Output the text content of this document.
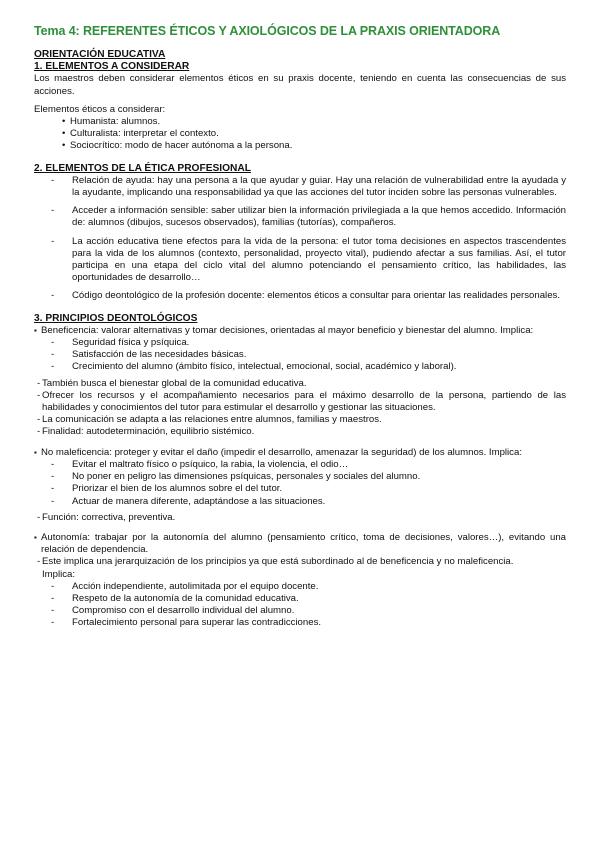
Tema 4: REFERENTES ÉTICOS Y AXIOLÓGICOS DE LA PRAXIS ORIENTADORA
ORIENTACIÓN EDUCATIVA
1. ELEMENTOS A CONSIDERAR

Los maestros deben considerar elementos éticos en su praxis docente, teniendo en cuenta las consecuencias de sus acciones.

Elementos éticos a considerar:

• Humanista: alumnos.
• Culturalista: interpretar el contexto.
• Sociocrítico: modo de hacer autónoma a la persona.
2. ELEMENTOS DE LA ÉTICA PROFESIONAL
- Relación de ayuda: hay una persona a la que ayudar y guiar. Hay una relación de vulnerabilidad entre la ayudada y la ayudante, implicando una responsabilidad ya que las acciones del tutor inciden sobre las personas vulnerables.
- Acceder a información sensible: saber utilizar bien la información privilegiada a la que hemos accedido. Información de: alumnos (dibujos, sucesos observados), familias (tutorías), compañeros.
- La acción educativa tiene efectos para la vida de la persona: el tutor toma decisiones en aspectos trascendentes para la vida de los alumnos (contexto, personalidad, proyecto vital), pudiendo afectar a sus familias. Así, el tutor participa en una etapa del ciclo vital del alumno potenciando el pensamiento crítico, las habilidades, las oportunidades de desarrollo…
- Código deontológico de la profesión docente: elementos éticos a consultar para orientar las realidades personales.
3. PRINCIPIOS DEONTOLÓGICOS
▪ Beneficencia: valorar alternativas y tomar decisiones, orientadas al mayor beneficio y bienestar del alumno. Implica:
- Seguridad física y psíquica.
- Satisfacción de las necesidades básicas.
- Crecimiento del alumno (ámbito físico, intelectual, emocional, social, académico y laboral).
- También busca el bienestar global de la comunidad educativa.
- Ofrecer los recursos y el acompañamiento necesarios para el máximo desarrollo de la persona, partiendo de las habilidades y conocimientos del tutor para estimular el desarrollo y gestionar las situaciones.
- La comunicación se adapta a las relaciones entre alumnos, familias y maestros.
- Finalidad: autodeterminación, equilibrio sistémico.
▪ No maleficencia: proteger y evitar el daño (impedir el desarrollo, amenazar la seguridad) de los alumnos. Implica:
- Evitar el maltrato físico o psíquico, la rabia, la violencia, el odio…
- No poner en peligro las dimensiones psíquicas, personales y sociales del alumno.
- Priorizar el bien de los alumnos sobre el del tutor.
- Actuar de manera diferente, adaptándose a las situaciones.
- Función: correctiva, preventiva.
▪ Autonomía: trabajar por la autonomía del alumno (pensamiento crítico, toma de decisiones, valores…), evitando una relación de dependencia.
- Este implica una jerarquización de los principios ya que está subordinado al de beneficencia y no maleficencia.
Implica:
- Acción independiente, autolimitada por el equipo docente.
- Respeto de la autonomía de la comunidad educativa.
- Compromiso con el desarrollo individual del alumno.
- Fortalecimiento personal para superar las contradicciones.
